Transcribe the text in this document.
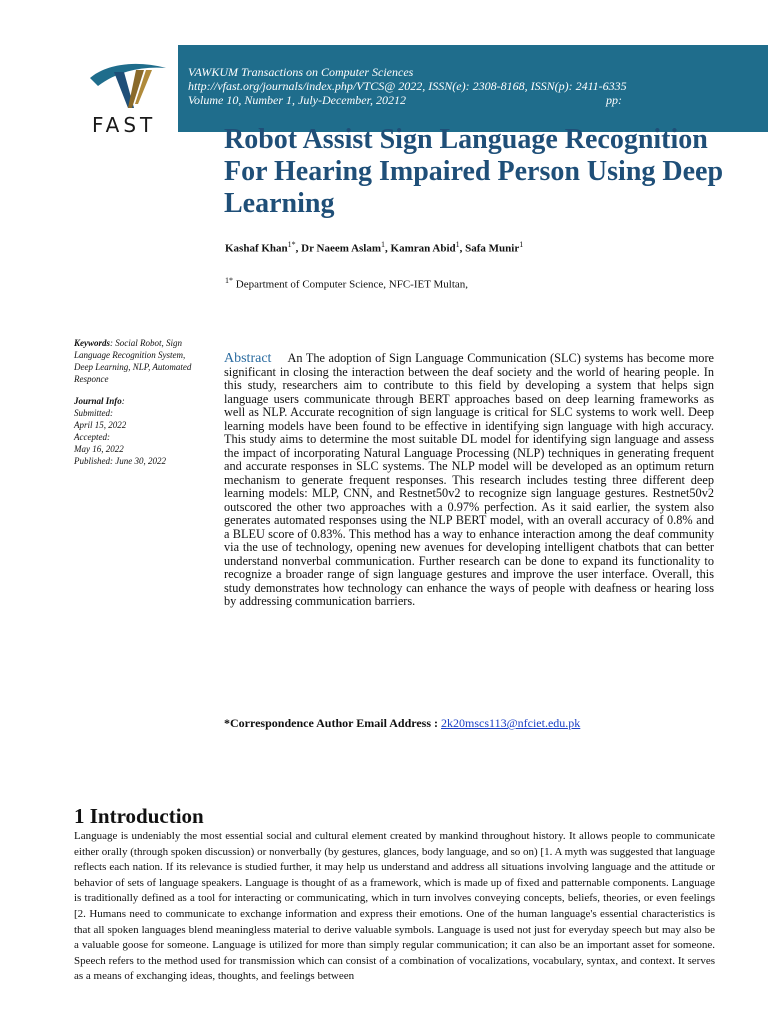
VAWKUM Transactions on Computer Sciences
http://vfast.org/journals/index.php/VTCS@ 2022, ISSN(e): 2308-8168, ISSN(p): 2411-6335
Volume 10, Number 1, July-December, 20212	pp:
FAST Robot Assist Sign Language Recognition For Hearing Impaired Person Using Deep Learning
Kashaf Khan$^{1*}$, Dr Naeem Aslam$^1$, Kamran Abid$^1$, Safa Munir$^1$
$^{1*}$ Department of Computer Science, NFC-IET Multan,
Keywords: Social Robot, Sign Language Recognition System, Deep Learning, NLP, Automated Responce
Journal Info:
Submitted:
April 15, 2022
Accepted:
May 16, 2022
Published: June 30, 2022
Abstract An The adoption of Sign Language Communication (SLC) systems has become more significant in closing the interaction between the deaf society and the world of hearing people. In this study, researchers aim to contribute to this field by developing a system that helps sign language users communicate through BERT approaches based on deep learning frameworks as well as NLP. Accurate recognition of sign language is critical for SLC systems to work well. Deep learning models have been found to be effective in identifying sign language with high accuracy. This study aims to determine the most suitable DL model for identifying sign language and assess the impact of incorporating Natural Language Processing (NLP) techniques in generating frequent and accurate responses in SLC systems. The NLP model will be developed as an optimum return mechanism to generate frequent responses. This research includes testing three different deep learning models: MLP, CNN, and Restnet50v2 to recognize sign language gestures. Restnet50v2 outscored the other two approaches with a 0.97% perfection. As it said earlier, the system also generates automated responses using the NLP BERT model, with an overall accuracy of 0.8% and a BLEU score of 0.83%. This method has a way to enhance interaction among the deaf community via the use of technology, opening new avenues for developing intelligent chatbots that can better understand nonverbal communication. Further research can be done to expand its functionality to recognize a broader range of sign language gestures and improve the user interface. Overall, this study demonstrates how technology can enhance the ways of people with deafness or hearing loss by addressing communication barriers.
*Correspondence Author Email Address : 2k20mscs113@nfciet.edu.pk
1 Introduction
Language is undeniably the most essential social and cultural element created by mankind throughout history. It allows people to communicate either orally (through spoken discussion) or nonverbally (by gestures, glances, body language, and so on) [1. A myth was suggested that language reflects each nation. If its relevance is studied further, it may help us understand and address all situations involving language and the attitude or behavior of sets of language speakers. Language is thought of as a framework, which is made up of fixed and patternable components. Language is traditionally defined as a tool for interacting or communicating, which in turn involves conveying concepts, beliefs, theories, or even feelings [2. Humans need to communicate to exchange information and express their emotions. One of the human language's essential characteristics is that all spoken languages blend meaningless material to derive valuable symbols. Language is used not just for everyday speech but may also be a valuable goose for someone. Language is utilized for more than simply regular communication; it can also be an important asset for someone. Speech refers to the method used for transmission which can consist of a combination of vocalizations, vocabulary, syntax, and context. It serves as a means of exchanging ideas, thoughts, and feelings between
